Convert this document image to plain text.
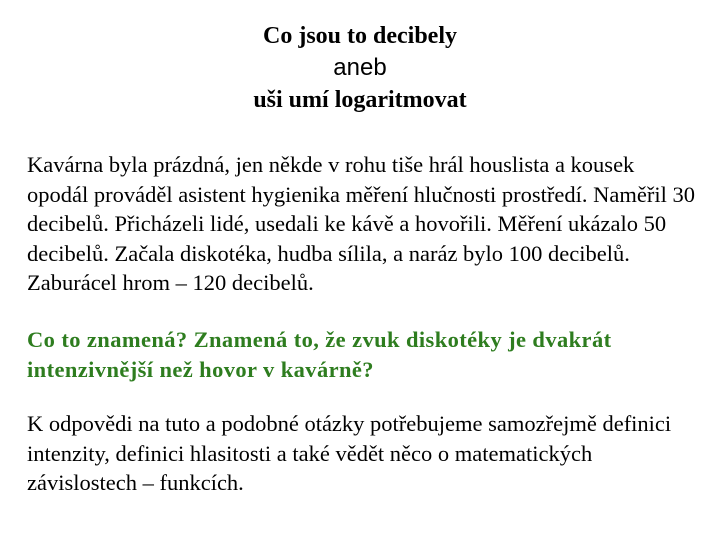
Co jsou to decibely
aneb
uši umí logaritmovat

Kavárna byla prázdná, jen někde v rohu tiše hrál houslista a kousek opodál prováděl asistent hygienika měření hlučnosti prostředí. Naměřil 30 decibelů. Přicházeli lidé, usedali ke kávě a hovořili. Měření ukázalo 50 decibelů. Začala diskotéka, hudba sílila, a naráz bylo 100 decibelů. Zaburácel hrom – 120 decibelů.

Co to znamená? Znamená to, že zvuk diskotéky je dvakrát intenzivnější než hovor v kavárně?

K odpovědi na tuto a podobné otázky potřebujeme samozřejmě definici intenzity, definici hlasitosti a také vědět něco o matematických závislostech – funkcích.
